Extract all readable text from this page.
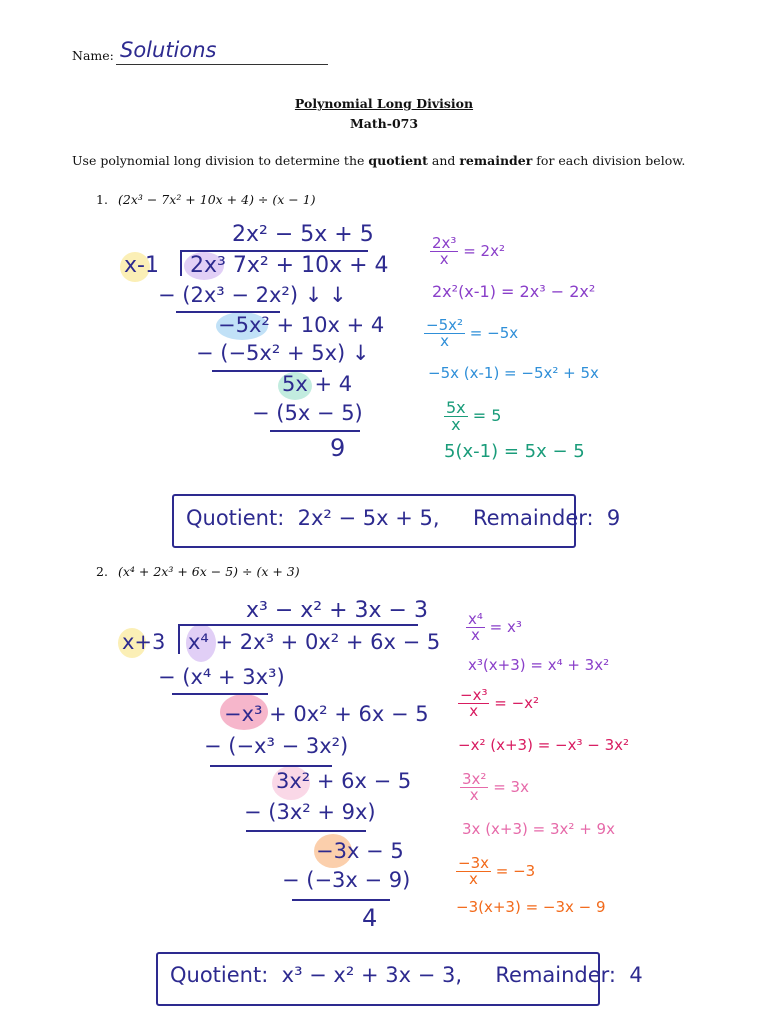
Name: Solutions
Polynomial Long Division
Math-073
Use polynomial long division to determine the quotient and remainder for each division below.
1. (2x³ − 7x² + 10x + 4) ÷ (x − 1)
2x² − 5x + 5
x-1 2x³ 7x² + 10x + 4
− (2x³ − 2x²) ↓ ↓
−5x² + 10x + 4
− (−5x² + 5x) ↓
5x + 4
− (5x − 5)
9
$\frac{\text{2x³}}{x} = 2x^2$
2x²(x-1) = 2x³ − 2x²
$\frac{\text{−5x²}}{x} = -5x$
−5x (x-1) = −5x² + 5x
$\frac{5x}{x} = 5$
5(x-1) = 5x − 5
Quotient:  2x² − 5x + 5,     Remainder:  9
2. (x⁴ + 2x³ + 6x − 5) ÷ (x + 3)
x³ − x² + 3x − 3
x+3 x⁴ + 2x³ + 0x² + 6x − 5
− (x⁴ + 3x³)
−x³ + 0x² + 6x − 5
− (−x³ − 3x²)
3x² + 6x − 5
− (3x² + 9x)
−3x − 5
− (−3x − 9)
4
$\frac{\text{x⁴}}{x} = x^3$
x³(x+3) = x⁴ + 3x²
$\frac{\text{−x³}}{x} = -x^2$
−x² (x+3) = −x³ − 3x²
$\frac{\text{3x²}}{x} = 3x$
3x (x+3) = 3x² + 9x
$\frac{-3x}{x} = -3$
−3(x+3) = −3x − 9
Quotient:  x³ − x² + 3x − 3,     Remainder:  4
